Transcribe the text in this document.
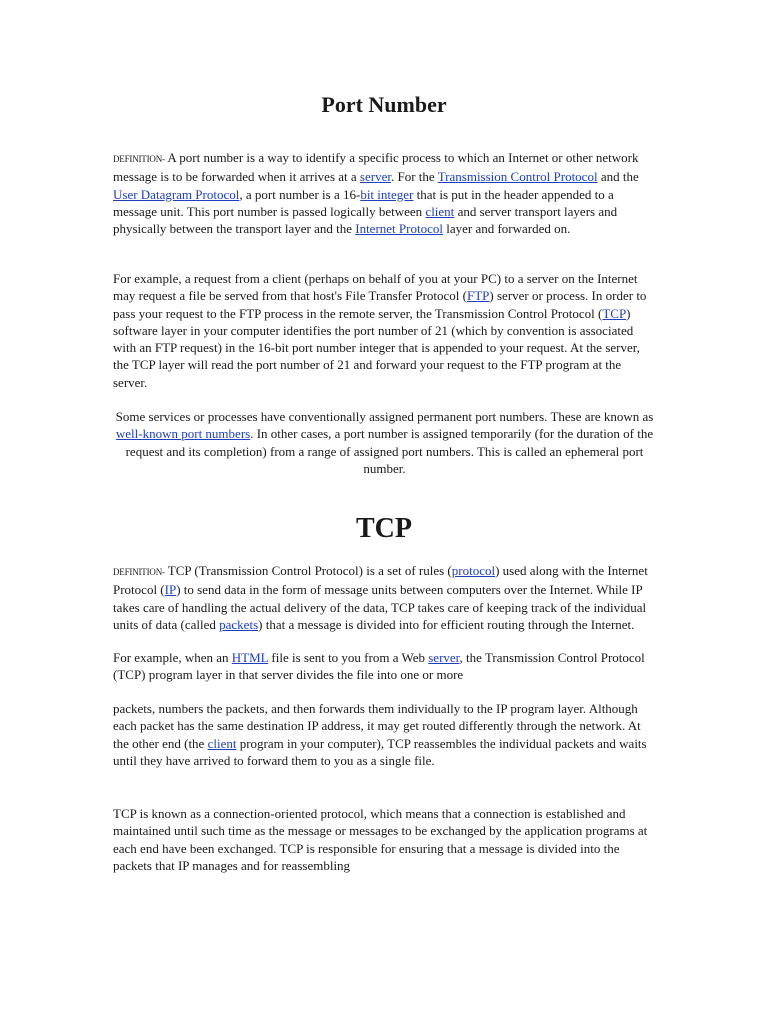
Port Number

DEFINITION- A port number is a way to identify a specific process to which an Internet or other network message is to be forwarded when it arrives at a server. For the Transmission Control Protocol and the User Datagram Protocol, a port number is a 16-bit integer that is put in the header appended to a message unit. This port number is passed logically between client and server transport layers and physically between the transport layer and the Internet Protocol layer and forwarded on.

For example, a request from a client (perhaps on behalf of you at your PC) to a server on the Internet may request a file be served from that host's File Transfer Protocol (FTP) server or process. In order to pass your request to the FTP process in the remote server, the Transmission Control Protocol (TCP) software layer in your computer identifies the port number of 21 (which by convention is associated with an FTP request) in the 16-bit port number integer that is appended to your request. At the server, the TCP layer will read the port number of 21 and forward your request to the FTP program at the server.

Some services or processes have conventionally assigned permanent port numbers. These are known as well-known port numbers. In other cases, a port number is assigned temporarily (for the duration of the request and its completion) from a range of assigned port numbers. This is called an ephemeral port number.

TCP

DEFINITION- TCP (Transmission Control Protocol) is a set of rules (protocol) used along with the Internet Protocol (IP) to send data in the form of message units between computers over the Internet. While IP takes care of handling the actual delivery of the data, TCP takes care of keeping track of the individual units of data (called packets) that a message is divided into for efficient routing through the Internet.

For example, when an HTML file is sent to you from a Web server, the Transmission Control Protocol (TCP) program layer in that server divides the file into one or more

packets, numbers the packets, and then forwards them individually to the IP program layer. Although each packet has the same destination IP address, it may get routed differently through the network. At the other end (the client program in your computer), TCP reassembles the individual packets and waits until they have arrived to forward them to you as a single file.

TCP is known as a connection-oriented protocol, which means that a connection is established and maintained until such time as the message or messages to be exchanged by the application programs at each end have been exchanged. TCP is responsible for ensuring that a message is divided into the packets that IP manages and for reassembling
